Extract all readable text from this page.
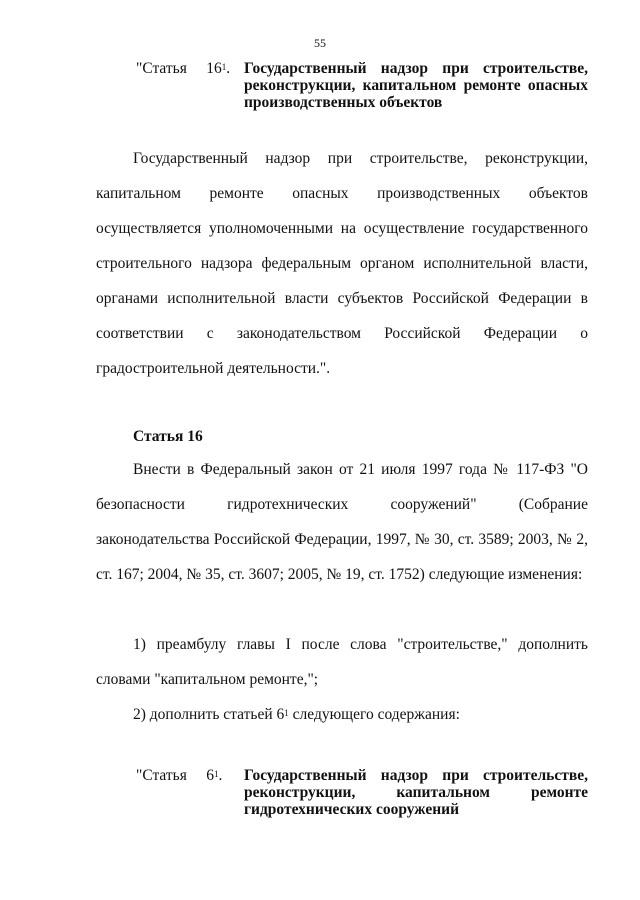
55
"Статья $16^1$. Государственный надзор при строительстве, реконструкции, капитальном ремонте опасных производственных объектов

Государственный надзор при строительстве, реконструкции, капитальном ремонте опасных производственных объектов осуществляется уполномоченными на осуществление государственного строительного надзора федеральным органом исполнительной власти, органами исполнительной власти субъектов Российской Федерации в соответствии с законодательством Российской Федерации о градостроительной деятельности.".

Статья 16

Внести в Федеральный закон от 21 июля 1997 года № 117-ФЗ "О безопасности гидротехнических сооружений" (Собрание законодательства Российской Федерации, 1997, № 30, ст. 3589; 2003, № 2, ст. 167; 2004, № 35, ст. 3607; 2005, № 19, ст. 1752) следующие изменения:

1) преамбулу главы I после слова "строительстве," дополнить словами "капитальном ремонте,";

2) дополнить статьей $6^1$ следующего содержания:

"Статья $6^1$. Государственный надзор при строительстве, реконструкции, капитальном ремонте гидротехнических сооружений
